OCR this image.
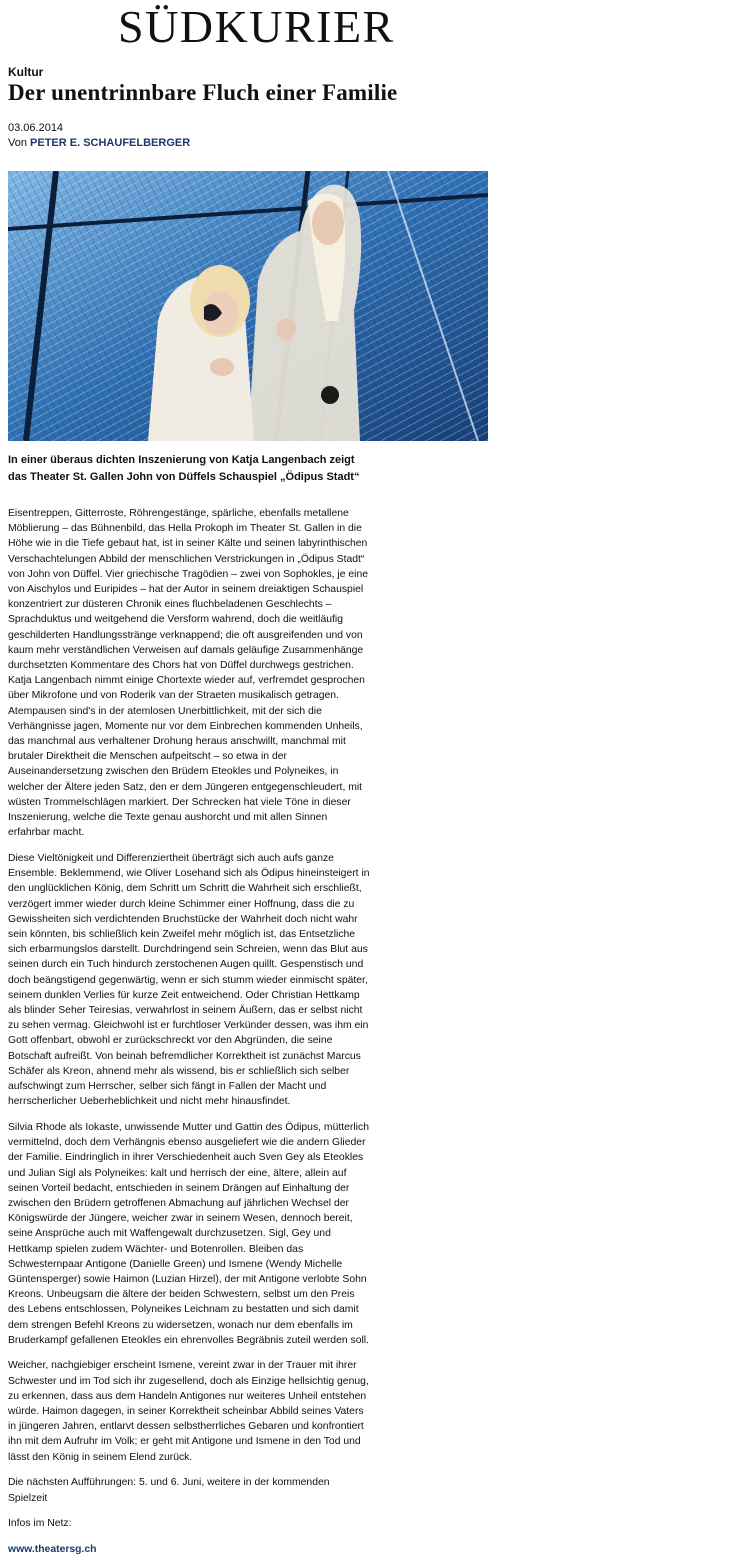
SÜDKURIER
Kultur
Der unentrinnbare Fluch einer Familie
03.06.2014
Von PETER E. SCHAUFELBERGER
In einer überaus dichten Inszenierung von Katja Langenbach zeigt das Theater St. Gallen John von Düffels Schauspiel „Ödipus Stadt“

Eisentreppen, Gitterroste, Röhrengestänge, spärliche, ebenfalls metallene Möblierung – das Bühnenbild, das Hella Prokoph im Theater St. Gallen in die Höhe wie in die Tiefe gebaut hat, ist in seiner Kälte und seinen labyrinthischen Verschachtelungen Abbild der menschlichen Verstrickungen in „Ödipus Stadt“ von John von Düffel. Vier griechische Tragödien – zwei von Sophokles, je eine von Aischylos und Euripides – hat der Autor in seinem dreiaktigen Schauspiel konzentriert zur düsteren Chronik eines fluchbeladenen Geschlechts – Sprachduktus und weitgehend die Versform wahrend, doch die weitläufig geschilderten Handlungsstränge verknappend; die oft ausgreifenden und von kaum mehr verständlichen Verweisen auf damals geläufige Zusammenhänge durchsetzten Kommentare des Chors hat von Düffel durchwegs gestrichen. Katja Langenbach nimmt einige Chortexte wieder auf, verfremdet gesprochen über Mikrofone und von Roderik van der Straeten musikalisch getragen. Atempausen sind's in der atemlosen Unerbittlichkeit, mit der sich die Verhängnisse jagen, Momente nur vor dem Einbrechen kommenden Unheils, das manchmal aus verhaltener Drohung heraus anschwillt, manchmal mit brutaler Direktheit die Menschen aufpeitscht – so etwa in der Auseinandersetzung zwischen den Brüdern Eteokles und Polyneikes, in welcher der Ältere jeden Satz, den er dem Jüngeren entgegenschleudert, mit wüsten Trommelschlägen markiert. Der Schrecken hat viele Töne in dieser Inszenierung, welche die Texte genau aushorcht und mit allen Sinnen erfahrbar macht.

Diese Vieltönigkeit und Differenziertheit überträgt sich auch aufs ganze Ensemble. Beklemmend, wie Oliver Losehand sich als Ödipus hineinsteigert in den unglücklichen König, dem Schritt um Schritt die Wahrheit sich erschließt, verzögert immer wieder durch kleine Schimmer einer Hoffnung, dass die zu Gewissheiten sich verdichtenden Bruchstücke der Wahrheit doch nicht wahr sein könnten, bis schließlich kein Zweifel mehr möglich ist, das Entsetzliche sich erbarmungslos darstellt. Durchdringend sein Schreien, wenn das Blut aus seinen durch ein Tuch hindurch zerstochenen Augen quillt. Gespenstisch und doch beängstigend gegenwärtig, wenn er sich stumm wieder einmischt später, seinem dunklen Verlies für kurze Zeit entweichend. Oder Christian Hettkamp als blinder Seher Teiresias, verwahrlost in seinem Äußern, das er selbst nicht zu sehen vermag. Gleichwohl ist er furchtloser Verkünder dessen, was ihm ein Gott offenbart, obwohl er zurückschreckt vor den Abgründen, die seine Botschaft aufreißt. Von beinah befremdlicher Korrektheit ist zunächst Marcus Schäfer als Kreon, ahnend mehr als wissend, bis er schließlich sich selber aufschwingt zum Herrscher, selber sich fängt in Fallen der Macht und herrscherlicher Ueberheblichkeit und nicht mehr hinausfindet.

Silvia Rhode als Iokaste, unwissende Mutter und Gattin des Ödipus, mütterlich vermittelnd, doch dem Verhängnis ebenso ausgeliefert wie die andern Glieder der Familie. Eindringlich in ihrer Verschiedenheit auch Sven Gey als Eteokles und Julian Sigl als Polyneikes: kalt und herrisch der eine, ältere, allein auf seinen Vorteil bedacht, entschieden in seinem Drängen auf Einhaltung der zwischen den Brüdern getroffenen Abmachung auf jährlichen Wechsel der Königswürde der Jüngere, weicher zwar in seinem Wesen, dennoch bereit, seine Ansprüche auch mit Waffengewalt durchzusetzen. Sigl, Gey und Hettkamp spielen zudem Wächter- und Botenrollen. Bleiben das Schwesternpaar Antigone (Danielle Green) und Ismene (Wendy Michelle Güntensperger) sowie Haimon (Luzian Hirzel), der mit Antigone verlobte Sohn Kreons. Unbeugsam die ältere der beiden Schwestern, selbst um den Preis des Lebens entschlossen, Polyneikes Leichnam zu bestatten und sich damit dem strengen Befehl Kreons zu widersetzen, wonach nur dem ebenfalls im Bruderkampf gefallenen Eteokles ein ehrenvolles Begräbnis zuteil werden soll.

Weicher, nachgiebiger erscheint Ismene, vereint zwar in der Trauer mit ihrer Schwester und im Tod sich ihr zugesellend, doch als Einzige hellsichtig genug, zu erkennen, dass aus dem Handeln Antigones nur weiteres Unheil entstehen würde. Haimon dagegen, in seiner Korrektheit scheinbar Abbild seines Vaters in jüngeren Jahren, entlarvt dessen selbstherrliches Gebaren und konfrontiert ihn mit dem Aufruhr im Volk; er geht mit Antigone und Ismene in den Tod und lässt den König in seinem Elend zurück.

Die nächsten Aufführungen: 5. und 6. Juni, weitere in der kommenden Spielzeit

Infos im Netz:

www.theatersg.ch
